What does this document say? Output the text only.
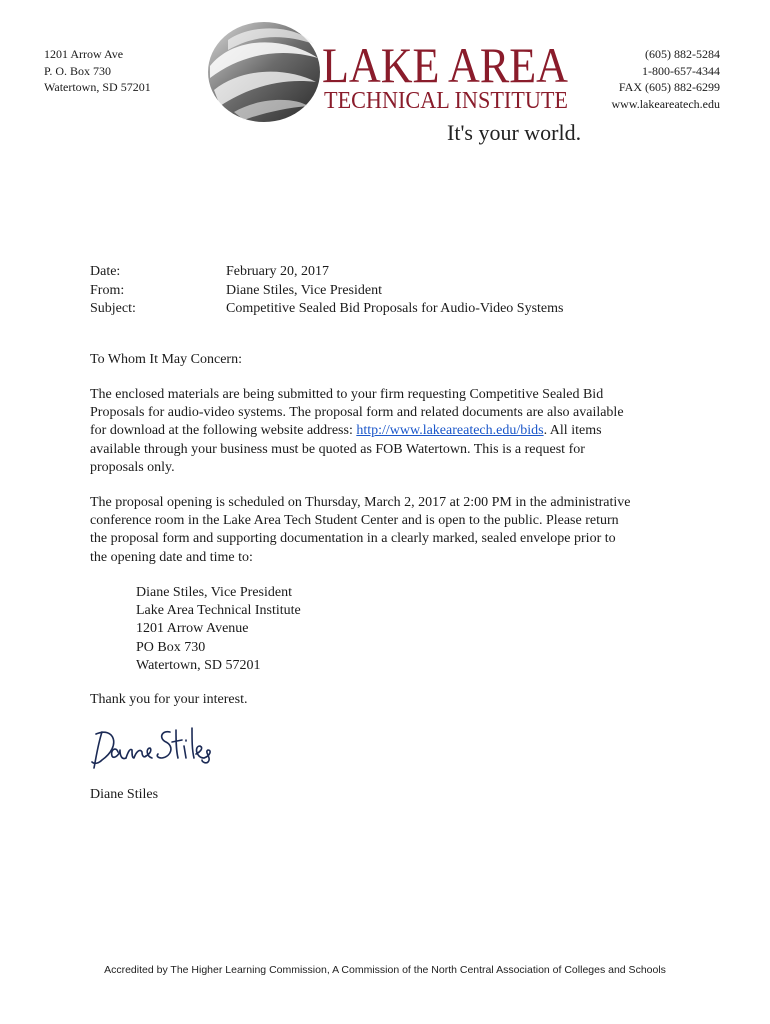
1201 Arrow Ave
P. O. Box 730
Watertown, SD 57201
(605) 882-5284
1-800-657-4344
FAX (605) 882-6299
www.lakeareatech.edu
LAKE AREA
TECHNICAL INSTITUTE
It's your world.
Date:	February 20, 2017
From:	Diane Stiles, Vice President
Subject:	Competitive Sealed Bid Proposals for Audio-Video Systems
To Whom It May Concern:
The enclosed materials are being submitted to your firm requesting Competitive Sealed Bid
Proposals for audio-video systems. The proposal form and related documents are also available
for download at the following website address: http://www.lakeareatech.edu/bids. All items
available through your business must be quoted as FOB Watertown. This is a request for
proposals only.
The proposal opening is scheduled on Thursday, March 2, 2017 at 2:00 PM in the administrative
conference room in the Lake Area Tech Student Center and is open to the public. Please return
the proposal form and supporting documentation in a clearly marked, sealed envelope prior to
the opening date and time to:
Diane Stiles, Vice President
Lake Area Technical Institute
1201 Arrow Avenue
PO Box 730
Watertown, SD 57201
Thank you for your interest.
Diane Stiles
Accredited by The Higher Learning Commission, A Commission of the North Central Association of Colleges and Schools
